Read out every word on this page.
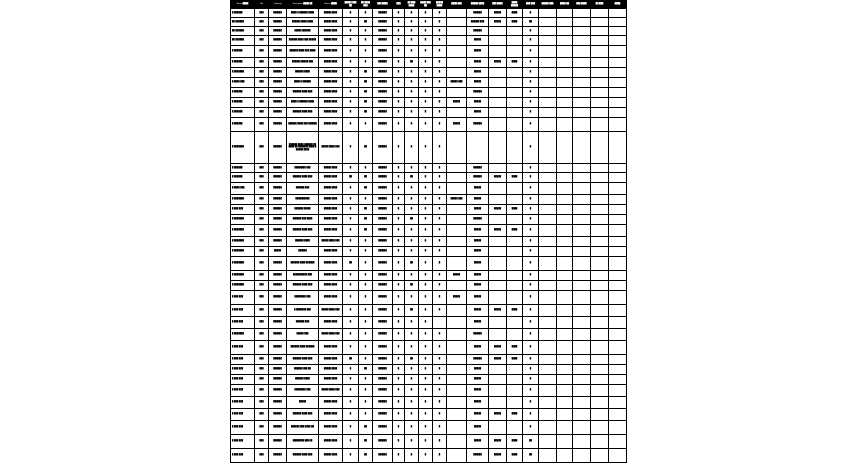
Name ████	Ref	Category	Description ████ ██	Source ████	█████ ███ ██	██ ████ ███	███ ████	███	██ ███ ████	████ ███ ██	█████ ████	████ ███	█████ ████	███ ████	████ █████	███ ███	█████ ███	████ ██	███ ████	██ ███	████
█ ██████	███	██████	████ █ ██████ ████	█████ ████	█	█	██████	█	█	█	█		██████	█████	████	█					
██ ██████	███	██████	██████ ████ ████	█████ ████	█	██	██████	█	█	█	█		██████ ███	█████	████	██					
██ ██████	███	██████	█████ ██████	█████ ████	█	█	██████	█	█	█	█		██████			█					
██ ██████	███	██████	██████ ████ ███ █████	█████ ████	█	█	██████	█	█	█	█		█████			█					
█ ██████	███	██████	██████ ████ ███ ████	█████ ████	█	█	██████	█	█	█	█		█████			█					
█ ██████	███	██████	██████ █████ ███	█████ ████	█	█	██████	█	██	█	█		█████	█████	████	█					
█ ███████	███	██████	██████ ████	█████ ████	█	██	██████	█	█	█	█		█████			█					
█ ████ ███	███	██████	████ █ ██████	█████ ████	█	██	██████	█	█	█	█	█████ ███	█████			█					
█ ██████	███	██████	██████ ████ ███	█████ ████	█	██	██████	█	█	█	█		██████			█					
█ ██████	███	██████	████ █ ██████ ████	█████ ████	█	██	██████	█	█	█	█	█████	█████			█					
█ ██████	███	██████	██████ ████ ███	█████ ████	█	██	██████	█	█	█	█		█████			█					
█ ██████	███	██████	██████ ████ ███ ██████	█████ ████	█	█	██████	█	█	█	█	█████	██████			█					
█ ███████	███	██████	██████ ████ ██████ ██ ████ ██ ███████ ████ ██████ ████	█████ ████ ███	█	██	██████	█	█	█	█					█					
█ ██████	███	██████	████████ ███	█████ ████	█	█	██████	█	█	█	█		██████			█					
█ ██████	███	██████	██████ ████ ███	█████ ████	██	██	██████	█	██	█	█		██████	█████	████	█					
█ ████ ███	███	██████	██████ ███	█████ ████	█	██	██████	█	█	█	█		█████			█					
█ ███████	███	██████	██████████	█████ ████	█	█	██████	█	█	█	█	█████ ███	█████			█					
█ ███ ███	███	██████	██████ █████	█████ ████	█	██	██████	█	█	█	█		█████	█████	████	█					
█ ███████	███	██████	██████ ███ ████	█████ ████	█	██	██████	█	██	█	█		██████			█					
█ ███████	███	██████	██████ ████ ███	█████ ████	█	██	██████	█	█	█	█		█████	█████	████	█					
█ ███████	███	██████	██████ ████	█████ ████ ███	█	█	██████	█	█	█	█		█████			█					
█ ███████	███	█████	██████	█████ ████	█	█	██████	█	█	█	█		█████			█					
█ ███████	███	██████	██████ ████ ██████	█████ ████	██	█	██████	█	██	█	█		█████			█					
█ ███████	███	██████	██████████ ███	█████ ████	█	█	██████	█	█	█	█	█████	█████			█					
█ ███████	███	██████	██████ ████ ███	█████ ████	█	█	██████	█	██	█	█		█████			█					
█ ███ ███	███	██████	████████ ███	█████ ████	█	█	██████	█	█	█	█	█████	█████			█					
█ ███ ███	███	██████	█ ███████ ███	█████ ████ ███	█	█	██████	█	██	█	█		█████	█████	████	█					
█ ███ ███	███	██████	██████ ███	█████ ████	█	█	██████	█	█	█			█████			█					
█ ███████	███	██████	█████ ███	█████ ████ ███	█	█	██████	█	█	█	█		██████			█					
█ ███ ███	███	██████	██████ ████ ██████	█████ ████	█	█	██████	█	█	█	█		█████	█████	████	█					
█ ███ ███	███	██████	██████ ████ ███	█████ ████	██	█	██████	█	██	█	█		██████	█████	████	█					
█ ███ ███	███	██████	██████ ███ ██	█████ ████	█	██	██████	█	█	█	█		█████			█					
█ ███ ███	███	██████	██████ ████	█████ ████	█	█	██████	█	█	█	█		█████			█					
█ ███ ███	███	██████	████████ ███	█████ ████ ███	█	█	██████	█	█	█	█		█████			█					
█ ███ ███	███	██████	█████	█████ ████	█	█	██████	█	█	█	█		█████			█					
█ ███ ███	███	██████	██████ ████ ███	█████ ████	█	█	██████	█	█	█	█		█████	█████	████	█					
█ ███ ███	███	██████	██████ ███ ████ ██	█████ ████	█	██	██████	█	█	█	█		█████			█					
█ ███ ███	███	██████	████████ ███ ██	█████ ████	█	██	██████	█	█	█	█		█████	█████	████	██					
█ ███ ███	███	██████	██████ ████ ███	█████ ████	█	██	██████	█	█	█	█		██████	█████	████	██					
